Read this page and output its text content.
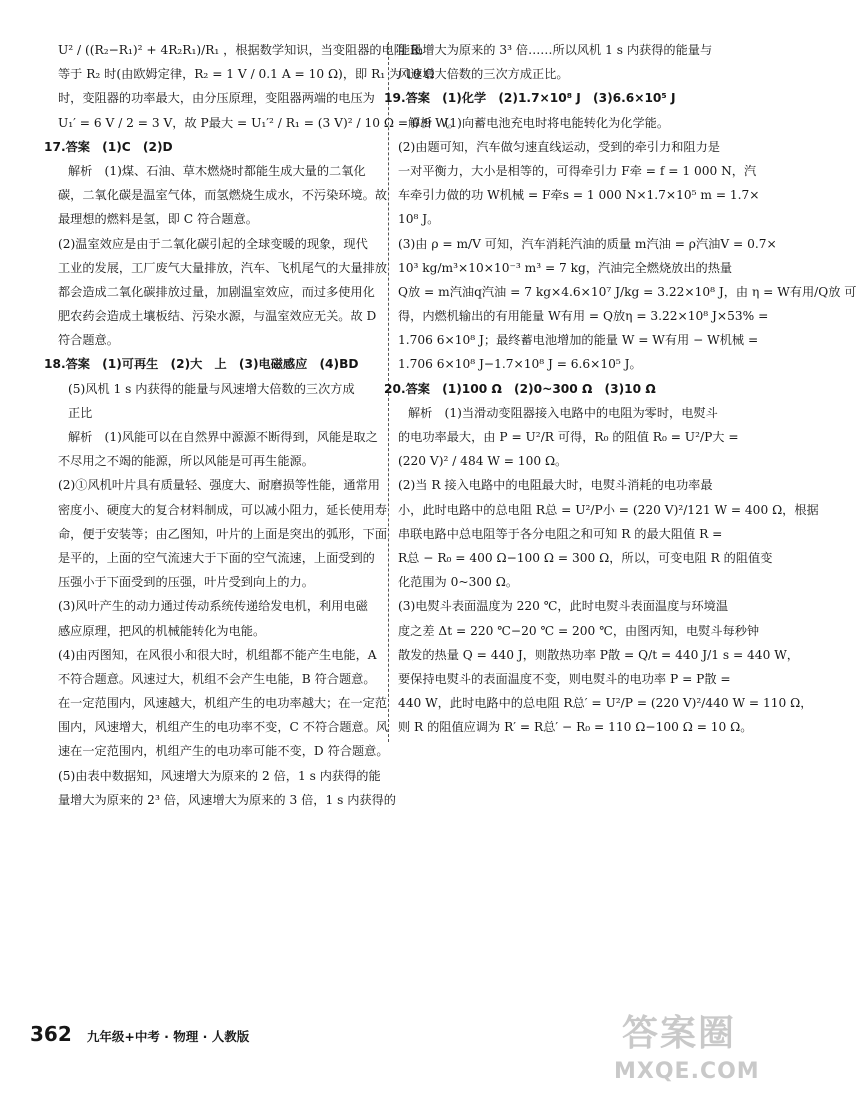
U² / ((R₂−R₁)² + 4R₂R₁)/R₁ ，根据数学知识，当变阻器的电阻 R₁
等于 R₂ 时(由欧姆定律，R₂ = 1 V / 0.1 A = 10 Ω)，即 R₁ 为 10 Ω
时，变阻器的功率最大，由分压原理，变阻器两端的电压为
U₁′ = 6 V / 2 = 3 V，故 P最大 = U₁′² / R₁ = (3 V)² / 10 Ω = 0.9 W。
17.答案　(1)C　(2)D
解析　(1)煤、石油、草木燃烧时都能生成大量的二氧化
碳，二氧化碳是温室气体，而氢燃烧生成水，不污染环境。故
最理想的燃料是氢，即 C 符合题意。
(2)温室效应是由于二氧化碳引起的全球变暖的现象，现代
工业的发展，工厂废气大量排放，汽车、飞机尾气的大量排放
都会造成二氧化碳排放过量，加剧温室效应，而过多使用化
肥农药会造成土壤板结、污染水源，与温室效应无关。故 D
符合题意。
18.答案　(1)可再生　(2)大　上　(3)电磁感应　(4)BD
(5)风机 1 s 内获得的能量与风速增大倍数的三次方成
正比
解析　(1)风能可以在自然界中源源不断得到，风能是取之
不尽用之不竭的能源，所以风能是可再生能源。
(2)①风机叶片具有质量轻、强度大、耐磨损等性能，通常用
密度小、硬度大的复合材料制成，可以减小阻力，延长使用寿
命，便于安装等；由乙图知，叶片的上面是突出的弧形，下面
是平的，上面的空气流速大于下面的空气流速，上面受到的
压强小于下面受到的压强，叶片受到向上的力。
(3)风叶产生的动力通过传动系统传递给发电机，利用电磁
感应原理，把风的机械能转化为电能。
(4)由丙图知，在风很小和很大时，机组都不能产生电能，A
不符合题意。风速过大，机组不会产生电能，B 符合题意。
在一定范围内，风速越大，机组产生的电功率越大；在一定范
围内，风速增大，机组产生的电功率不变，C 不符合题意。风
速在一定范围内，机组产生的电功率可能不变，D 符合题意。
(5)由表中数据知，风速增大为原来的 2 倍，1 s 内获得的能
量增大为原来的 2³ 倍，风速增大为原来的 3 倍，1 s 内获得的
能量增大为原来的 3³ 倍……所以风机 1 s 内获得的能量与
风速增大倍数的三次方成正比。
19.答案　(1)化学　(2)1.7×10⁸ J　(3)6.6×10⁵ J
解析　(1)向蓄电池充电时将电能转化为化学能。
(2)由题可知，汽车做匀速直线运动，受到的牵引力和阻力是
一对平衡力，大小是相等的，可得牵引力 F牵 = f = 1 000 N，汽
车牵引力做的功 W机械 = F牵s = 1 000 N×1.7×10⁵ m = 1.7×
10⁸ J。
(3)由 ρ = m/V 可知，汽车消耗汽油的质量 m汽油 = ρ汽油V = 0.7×
10³ kg/m³×10×10⁻³ m³ = 7 kg，汽油完全燃烧放出的热量
Q放 = m汽油q汽油 = 7 kg×4.6×10⁷ J/kg = 3.22×10⁸ J，由 η = W有用/Q放 可
得，内燃机输出的有用能量 W有用 = Q放η = 3.22×10⁸ J×53% =
1.706 6×10⁸ J；最终蓄电池增加的能量 W = W有用 − W机械 =
1.706 6×10⁸ J−1.7×10⁸ J = 6.6×10⁵ J。
20.答案　(1)100 Ω　(2)0~300 Ω　(3)10 Ω
解析　(1)当滑动变阻器接入电路中的电阻为零时，电熨斗
的电功率最大，由 P = U²/R 可得，R₀ 的阻值 R₀ = U²/P大 =
(220 V)² / 484 W = 100 Ω。
(2)当 R 接入电路中的电阻最大时，电熨斗消耗的电功率最
小，此时电路中的总电阻 R总 = U²/P小 = (220 V)²/121 W = 400 Ω，根据
串联电路中总电阻等于各分电阻之和可知 R 的最大阻值 R =
R总 − R₀ = 400 Ω−100 Ω = 300 Ω，所以，可变电阻 R 的阻值变
化范围为 0~300 Ω。
(3)电熨斗表面温度为 220 ℃，此时电熨斗表面温度与环境温
度之差 Δt = 220 ℃−20 ℃ = 200 ℃，由图丙知，电熨斗每秒钟
散发的热量 Q = 440 J，则散热功率 P散 = Q/t = 440 J/1 s = 440 W，
要保持电熨斗的表面温度不变，则电熨斗的电功率 P = P散 =
440 W，此时电路中的总电阻 R总′ = U²/P = (220 V)²/440 W = 110 Ω，
则 R 的阻值应调为 R′ = R总′ − R₀ = 110 Ω−100 Ω = 10 Ω。
362 九年级+中考 · 物理 · 人教版	答案圈
MXQE.COM
